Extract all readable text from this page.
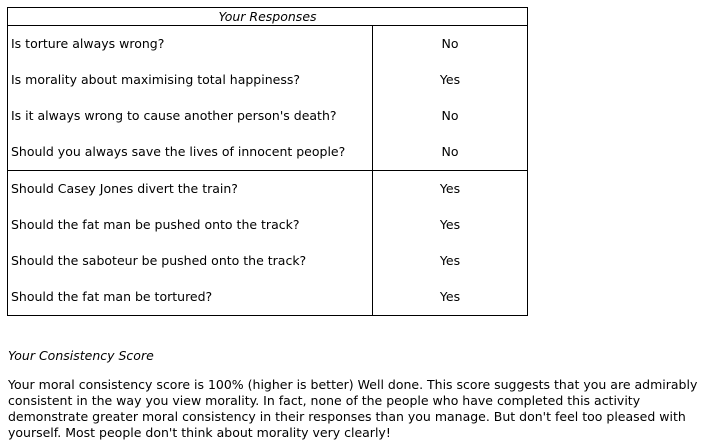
Your Responses	
Is torture always wrong?	No
Is morality about maximising total happiness?	Yes
Is it always wrong to cause another person's death?	No
Should you always save the lives of innocent people?	No
Should Casey Jones divert the train?	Yes
Should the fat man be pushed onto the track?	Yes
Should the saboteur be pushed onto the track?	Yes
Should the fat man be tortured?	Yes
Your Consistency Score

Your moral consistency score is 100% (higher is better) Well done. This score suggests that you are admirably consistent in the way you view morality. In fact, none of the people who have completed this activity demonstrate greater moral consistency in their responses than you manage. But don't feel too pleased with yourself. Most people don't think about morality very clearly!
